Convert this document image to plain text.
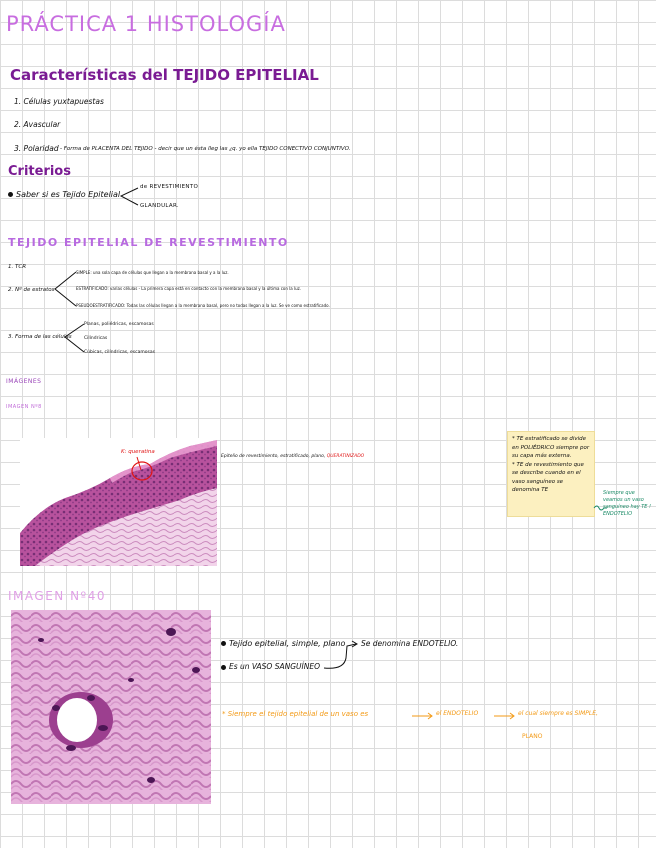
PRÁCTICA 1 HISTOLOGÍA
Características del TEJIDO EPITELIAL
1. Células yuxtapuestas
2. Avascular
3. Polaridad - Forma de PLACENTA DEL TEJIDO - decir que un ésta lleg las ¿q. yo ella TEJIDO CONECTIVO CONJUNTIVO.
Criterios
Saber si es Tejido Epitelial
de REVESTIMIENTO
GLANDULAR.
TEJIDO EPITELIAL DE REVESTIMIENTO
1. TCR
2. Nº de estratos
SIMPLE: una sola capa de células que llegan a la membrana basal y a la luz.
ESTRATIFICADO: varias células - La primera capa está en contacto con la membrana basal y la última con la luz.
PSEUDOESTRATIFICADO: Todas las células llegan a la membrana basal, pero no todas llegan a la luz. Se ve como estratificado.
3. Forma de las células
Planas, poliédricas, escamosas
Cilíndricas
Cúbicas, cilíndricas, escamosas
IMÁGENES
IMAGEN Nº8
K: queratina
Epitelio de revestimiento, estratificado, plano, QUERATINIZADO
* TE estratificado se divide en POLIÉDRICO siempre por su capa más externa.
* TE de revestimiento que se describe cuando en el vaso sanguíneo se denomina TE	Siempre que veamos un vaso sanguíneo hay TE ! ENDOTELIO
IMAGEN Nº40
Tejido epitelial, simple, plano
Es un VASO SANGUÍNEO
Se denomina ENDOTELIO.
* Siempre el tejido epitelial de un vaso es	el ENDOTELIO	el cual siempre es SIMPLE,
PLANO
